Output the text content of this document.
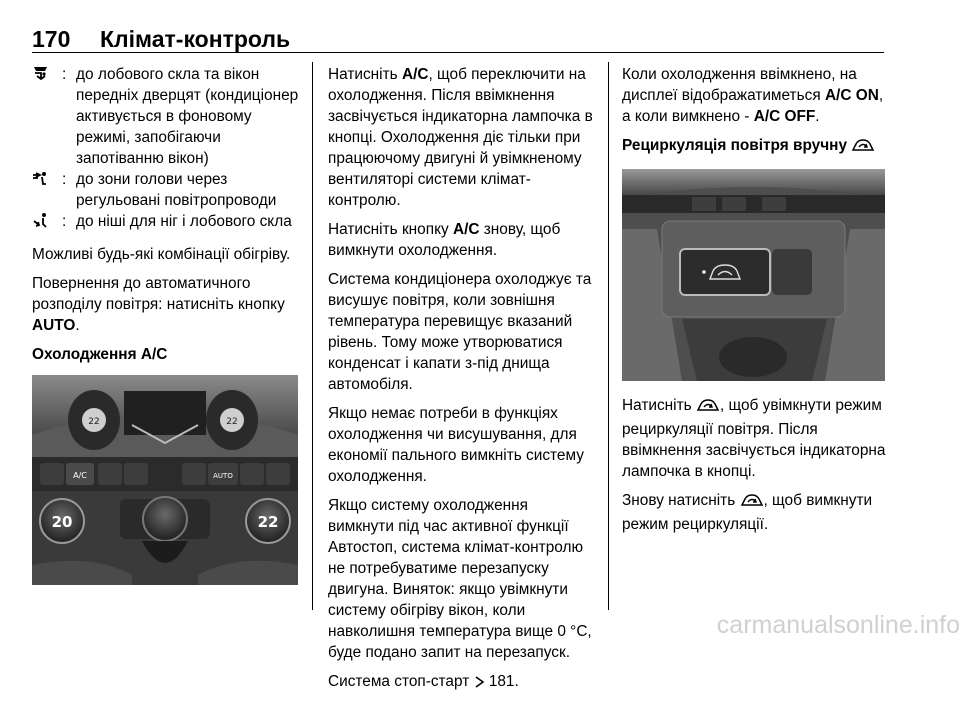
170 Клімат-контроль
: до лобового скла та вікон передніх дверцят (кондиціонер активується в фоновому режимі, запобігаючи запотіванню вікон)
: до зони голови через регульовані повітропроводи
: до ніші для ніг і лобового скла

Можливі будь-які комбінації обігріву.

Повернення до автоматичного розподілу повітря: натисніть кнопку AUTO.

Охолодження A/C
22	22
A/C	AUTO
20	22

Натисніть A/C, щоб переключити на охолодження. Після ввімкнення засвічується індикаторна лампочка в кнопці. Охолодження діє тільки при працюючому двигуні й увімкненому вентиляторі системи клімат-контролю.

Натисніть кнопку A/C знову, щоб вимкнути охолодження.

Система кондиціонера охолоджує та висушує повітря, коли зовнішня температура перевищує вказаний рівень. Тому може утворюватися конденсат і капати з-під днища автомобіля.

Якщо немає потреби в функціях охолодження чи висушування, для економії пального вимкніть систему охолодження.

Якщо систему охолодження вимкнути під час активної функції Автостоп, система клімат-контролю не потребуватиме перезапуску двигуна. Виняток: якщо увімкнути систему обігріву вікон, коли навколишня температура вище 0 °C, буде подано запит на перезапуск.

Система стоп-старт  181.

Коли охолодження ввімкнено, на дисплеї відображатиметься A/C ON, а коли вимкнено - A/C OFF.

Рециркуляція повітря вручну

Натисніть , щоб увімкнути режим рециркуляції повітря. Після ввімкнення засвічується індикаторна лампочка в кнопці.

Знову натисніть , щоб вимкнути режим рециркуляції.

carmanualsonline.info
